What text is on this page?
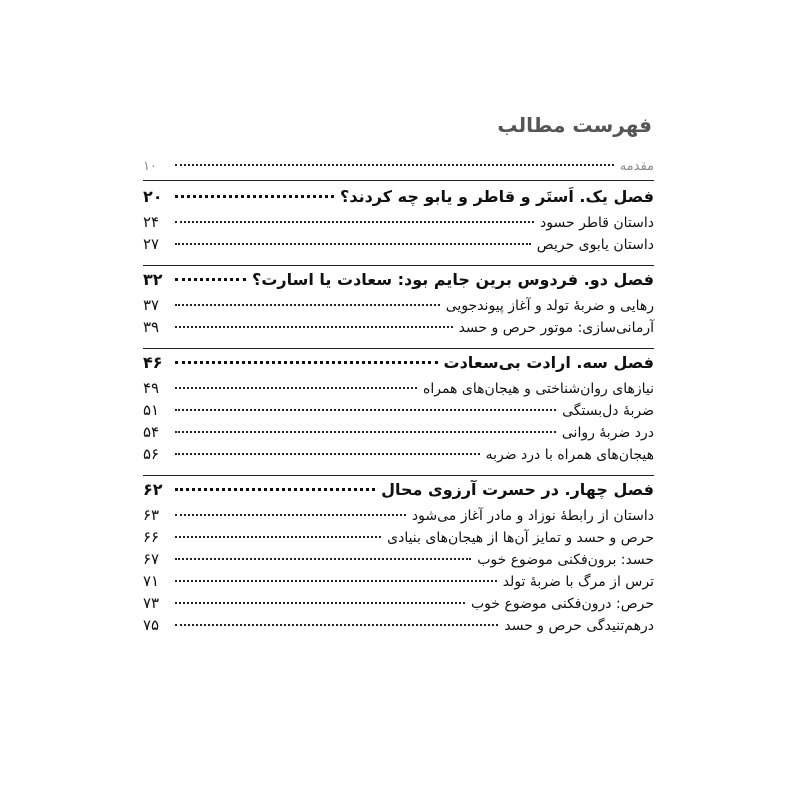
فهرست مطالب
مقدمه
۱۰
فصل یک. اَستَر و قاطر و یابو چه کردند؟
۲۰
داستان قاطر حسود
۲۴
داستان یابوی حریص
۲۷
فصل دو. فردوس برین جایم بود: سعادت یا اسارت؟
۳۲
رهایی و ضربهٔ تولد و آغاز پیوندجویی
۳۷
آرمانی‌سازی: موتور حرص و حسد
۳۹
فصل سه. ارادت بی‌سعادت
۴۶
نیازهای روان‌شناختی و هیجان‌های همراه
۴۹
ضربهٔ دل‌بستگی
۵۱
درد ضربهٔ روانی
۵۴
هیجان‌های همراه با درد ضربه
۵۶
فصل چهار. در حسرت آرزوی محال
۶۲
داستان از رابطهٔ نوزاد و مادر آغاز می‌شود
۶۳
حرص و حسد و تمایز آن‌ها از هیجان‌های بنیادی
۶۶
حسد: برون‌فکنی موضوع خوب
۶۷
ترس از مرگ با ضربهٔ تولد
۷۱
حرص: درون‌فکنی موضوع خوب
۷۳
درهم‌تنیدگی حرص و حسد
۷۵
